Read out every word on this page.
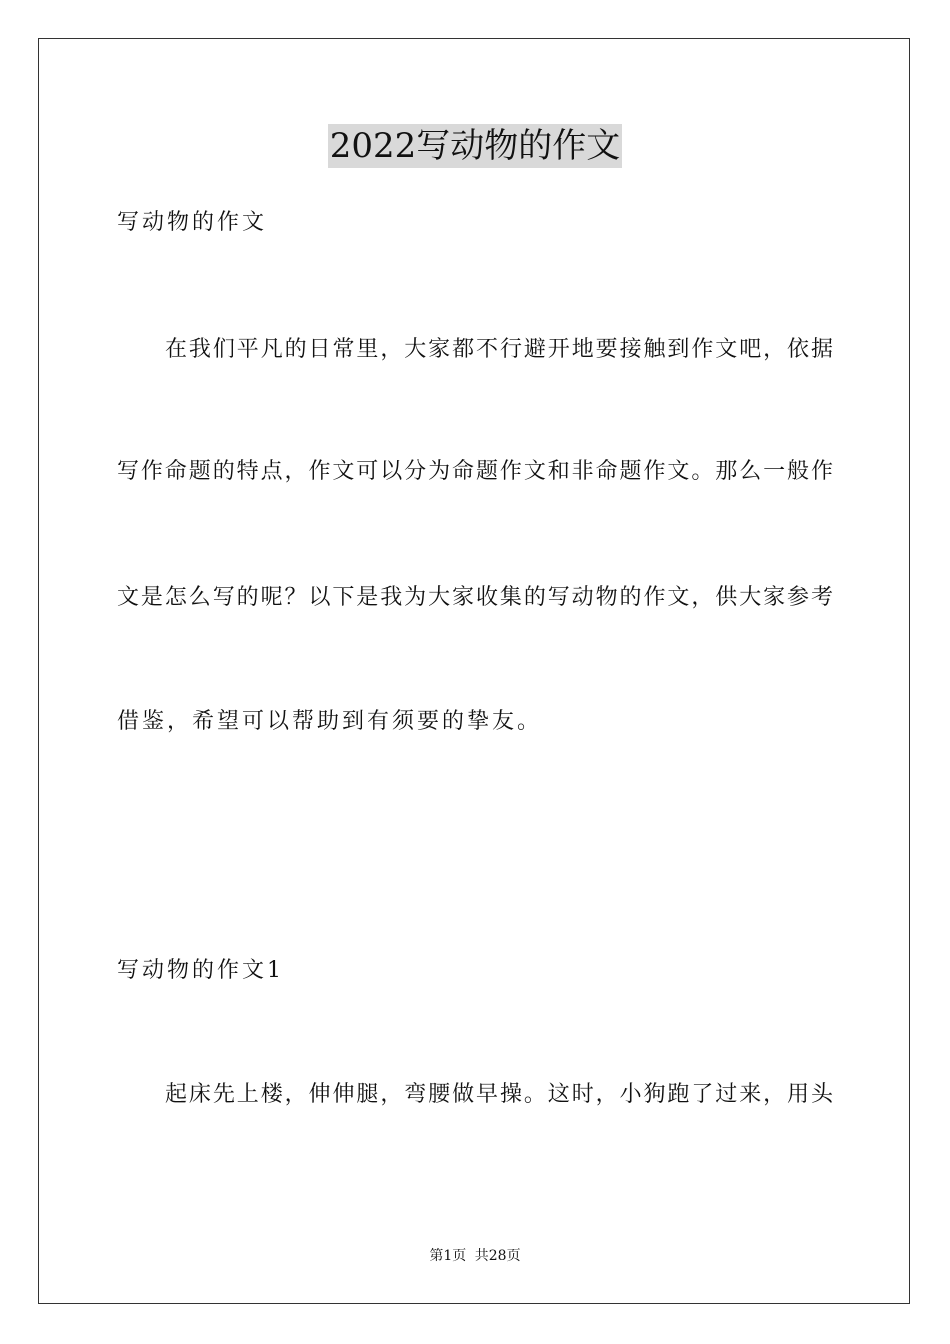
2022写动物的作文
写动物的作文
在我们平凡的日常里，大家都不行避开地要接触到作文吧，依据
写作命题的特点，作文可以分为命题作文和非命题作文。那么一般作
文是怎么写的呢？以下是我为大家收集的写动物的作文，供大家参考
借鉴，希望可以帮助到有须要的挚友。
写动物的作文1
起床先上楼，伸伸腿，弯腰做早操。这时，小狗跑了过来，用头
第1页 共28页
